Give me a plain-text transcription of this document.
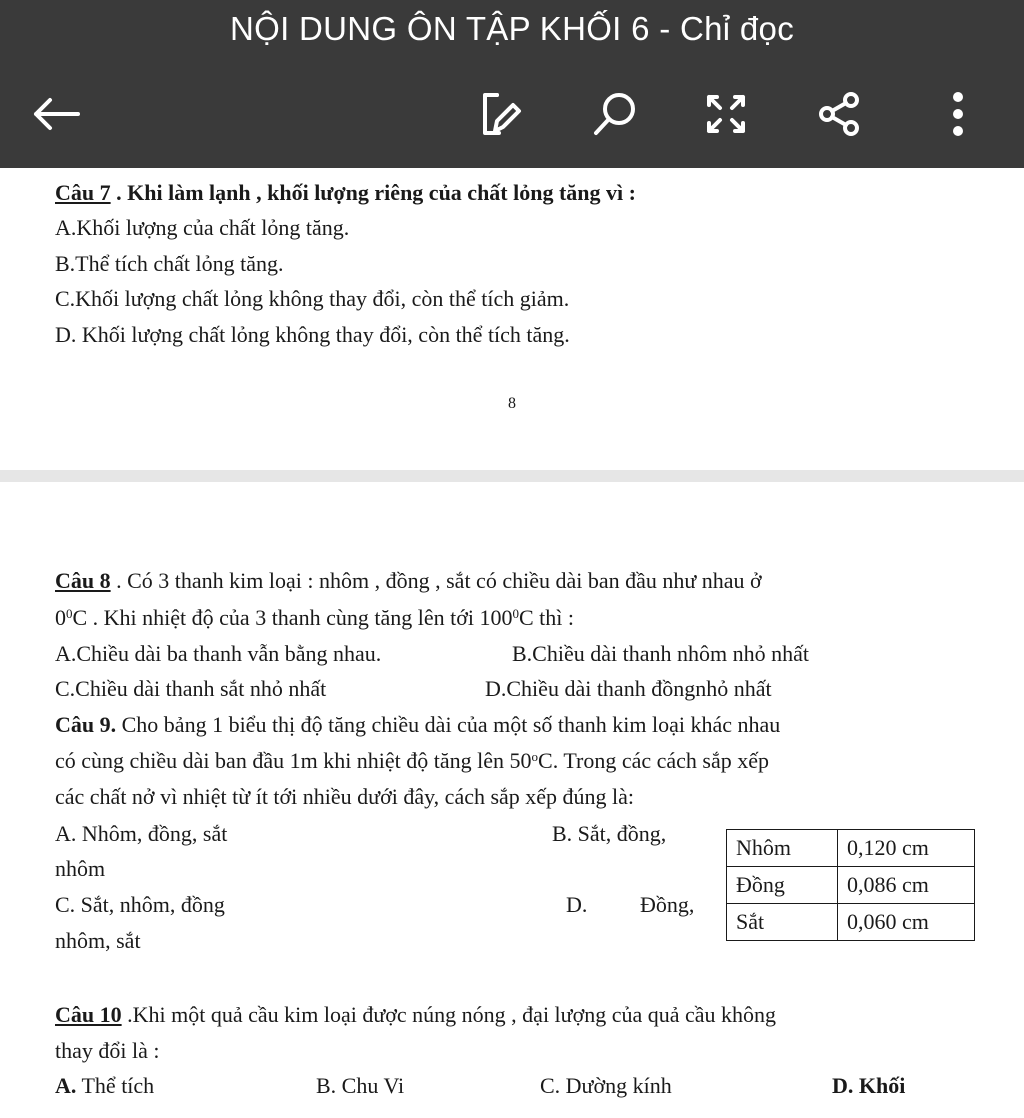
NỘI DUNG ÔN TẬP KHỐI 6 - Chỉ đọc
Câu 7 . Khi làm lạnh , khối lượng riêng của chất lỏng tăng vì :
A.Khối lượng của chất lỏng tăng.
B.Thể tích chất lỏng tăng.
C.Khối lượng chất lỏng không thay đổi, còn thể tích giảm.
D. Khối lượng chất lỏng không thay đổi, còn thể tích tăng.
8
Câu 8 . Có 3 thanh kim loại : nhôm , đồng , sắt có chiều dài ban đầu như nhau ở
$0^0C$ . Khi nhiệt độ của 3 thanh cùng tăng lên tới $100^0C$ thì :
A.Chiều dài ba thanh vẫn bằng nhau.	B.Chiều dài thanh nhôm nhỏ nhất
C.Chiều dài thanh sắt nhỏ nhất	D.Chiều dài thanh đồngnhỏ nhất
Câu 9. Cho bảng 1 biểu thị độ tăng chiều dài của một số thanh kim loại khác nhau
có cùng chiều dài ban đầu 1m khi nhiệt độ tăng lên 50$^o$C. Trong các cách sắp xếp
các chất nở vì nhiệt từ ít tới nhiều dưới đây, cách sắp xếp đúng là:
A. Nhôm, đồng, sắt	B. Sắt, đồng,
nhôm
C. Sắt, nhôm, đồng	D. Đồng,
nhôm, sắt
Nhôm	0,120 cm
Đồng	0,086 cm
Sắt	0,060 cm
Câu 10 .Khi một quả cầu kim loại được núng nóng , đại lượng của quả cầu không
thay đổi là :
A. Thể tích	B. Chu Vi	C. Dường kính	D. Khối
